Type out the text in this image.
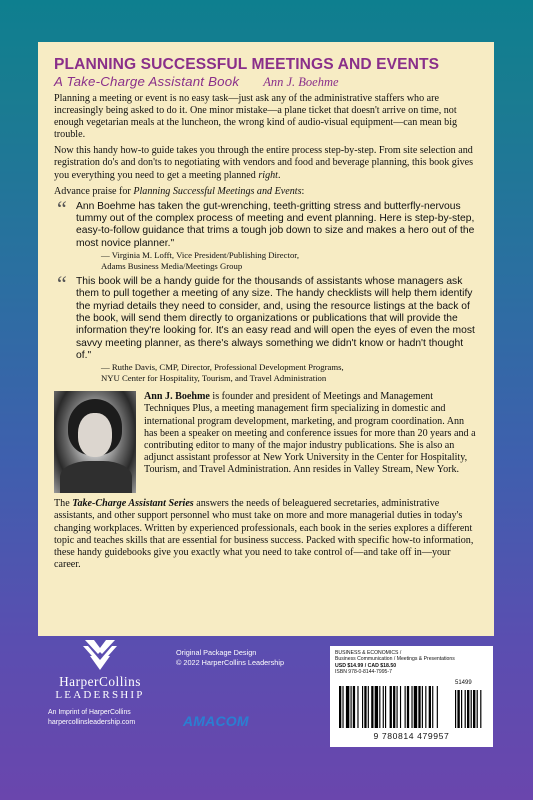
PLANNING SUCCESSFUL MEETINGS AND EVENTS
A Take-Charge Assistant Book Ann J. Boehme

Planning a meeting or event is no easy task—just ask any of the administrative staffers who are increasingly being asked to do it. One minor mistake—a plane ticket that doesn't arrive on time, not enough vegetarian meals at the luncheon, the wrong kind of audio-visual equipment—can mean big trouble.

Now this handy how-to guide takes you through the entire process step-by-step. From site selection and registration do's and don'ts to negotiating with vendors and food and beverage planning, this book gives you everything you need to get a meeting planned right.

Advance praise for Planning Successful Meetings and Events:

“ Ann Boehme has taken the gut-wrenching, teeth-gritting stress and butterfly-nervous tummy out of the complex process of meeting and event planning. Here is step-by-step, easy-to-follow guidance that trims a tough job down to size and makes a hero out of the most novice planner."
— Virginia M. Lofft, Vice President/Publishing Director,
Adams Business Media/Meetings Group
“ This book will be a handy guide for the thousands of assistants whose managers ask them to pull together a meeting of any size. The handy checklists will help them identify the myriad details they need to consider, and, using the resource listings at the back of the book, will send them directly to organizations or publications that will provide the information they're looking for. It's an easy read and will open the eyes of even the most savvy meeting planner, as there's always something we didn't know or hadn't thought of."
— Ruthe Davis, CMP, Director, Professional Development Programs,
NYU Center for Hospitality, Tourism, and Travel Administration

Ann J. Boehme is founder and president of Meetings and Management Techniques Plus, a meeting management firm specializing in domestic and international program development, marketing, and program coordination. Ann has been a speaker on meeting and conference issues for more than 20 years and a contributing editor to many of the major industry publications. She is also an adjunct assistant professor at New York University in the Center for Hospitality, Tourism, and Travel Administration. Ann resides in Valley Stream, New York.

The Take-Charge Assistant Series answers the needs of beleaguered secretaries, administrative assistants, and other support personnel who must take on more and more managerial duties in today's changing workplaces. Written by experienced professionals, each book in the series explores a different topic and teaches skills that are essential for business success. Packed with specific how-to information, these handy guidebooks give you exactly what you need to take control of—and take off in—your career.

HarperCollins
LEADERSHIP
An Imprint of HarperCollins
harpercollinsleadership.com
Original Package Design
© 2022 HarperCollins Leadership
AMACOM
BUSINESS & ECONOMICS /
Business Communication / Meetings & Presentations
USD $14.99 / CAD $18.50
ISBN 978-0-8144-7995-7
51499
9 780814 479957
